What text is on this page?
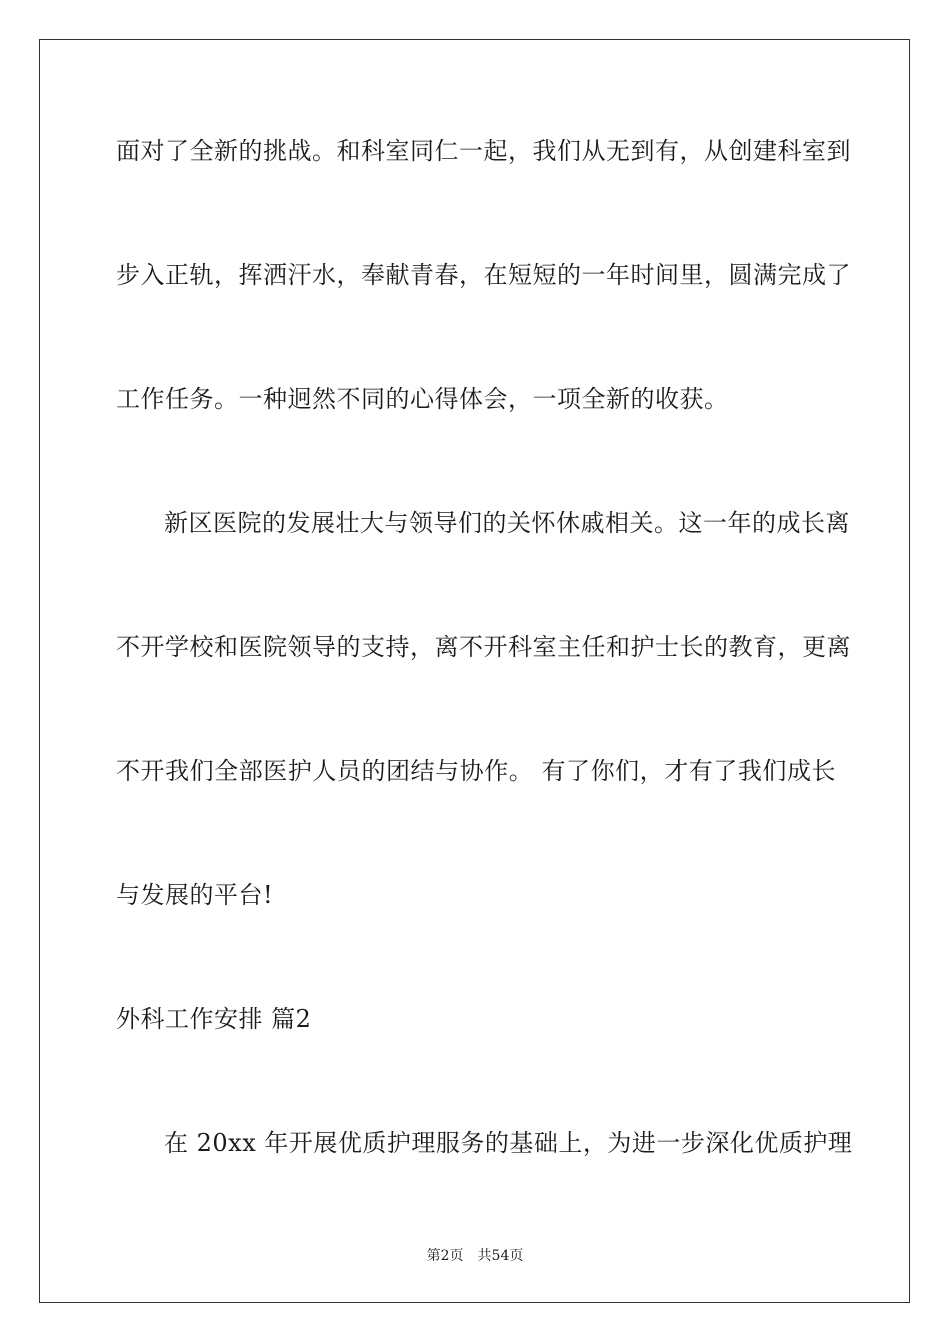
面对了全新的挑战。和科室同仁一起，我们从无到有，从创建科室到
步入正轨，挥洒汗水，奉献青春，在短短的一年时间里，圆满完成了
工作任务。一种迥然不同的心得体会，一项全新的收获。
新区医院的发展壮大与领导们的关怀休戚相关。这一年的成长离
不开学校和医院领导的支持，离不开科室主任和护士长的教育，更离
不开我们全部医护人员的团结与协作。 有了你们，才有了我们成长
与发展的平台!
外科工作安排 篇2
在 20xx 年开展优质护理服务的基础上，为进一步深化优质护理
第2页 共54页
